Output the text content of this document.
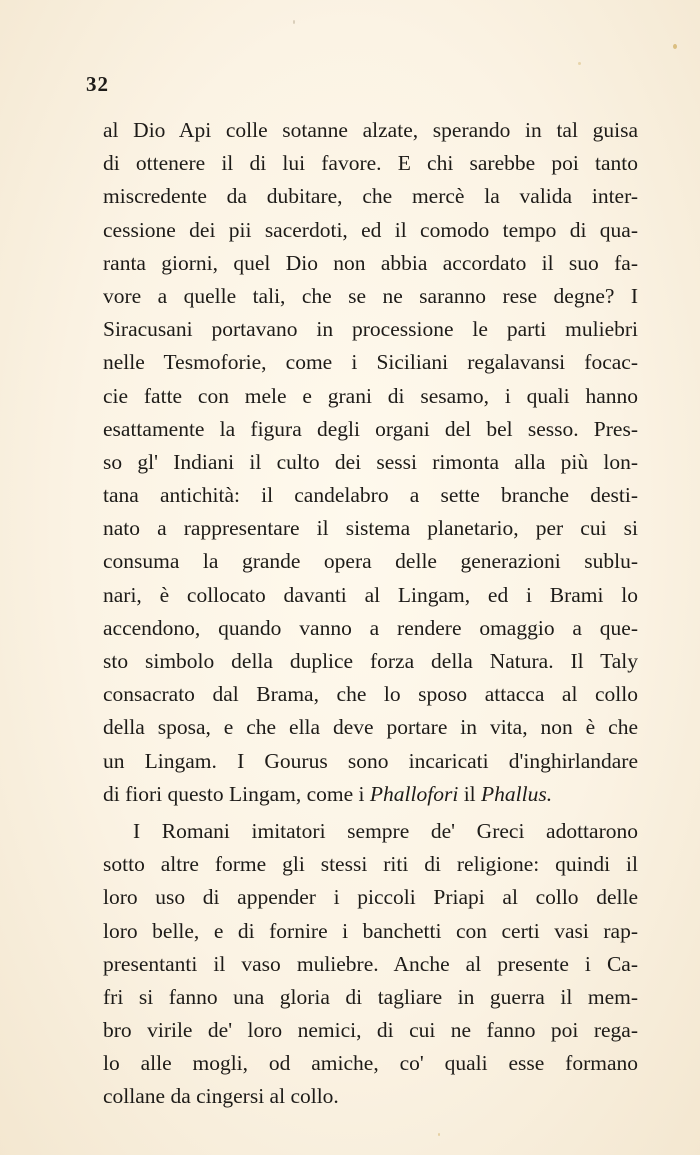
32
al Dio Api colle sotanne alzate, sperando in tal guisa
di ottenere il di lui favore. E chi sarebbe poi tanto
miscredente da dubitare, che mercè la valida inter-
cessione dei pii sacerdoti, ed il comodo tempo di qua-
ranta giorni, quel Dio non abbia accordato il suo fa-
vore a quelle tali, che se ne saranno rese degne? I
Siracusani portavano in processione le parti muliebri
nelle Tesmoforie, come i Siciliani regalavansi focac-
cie fatte con mele e grani di sesamo, i quali hanno
esattamente la figura degli organi del bel sesso. Pres-
so gl' Indiani il culto dei sessi rimonta alla più lon-
tana antichità: il candelabro a sette branche desti-
nato a rappresentare il sistema planetario, per cui si
consuma la grande opera delle generazioni sublu-
nari, è collocato davanti al Lingam, ed i Brami lo
accendono, quando vanno a rendere omaggio a que-
sto simbolo della duplice forza della Natura. Il Taly
consacrato dal Brama, che lo sposo attacca al collo
della sposa, e che ella deve portare in vita, non è che
un Lingam. I Gourus sono incaricati d'inghirlandare
di fiori questo Lingam, come i Phallofori il Phallus.
I Romani imitatori sempre de' Greci adottarono
sotto altre forme gli stessi riti di religione: quindi il
loro uso di appender i piccoli Priapi al collo delle
loro belle, e di fornire i banchetti con certi vasi rap-
presentanti il vaso muliebre. Anche al presente i Ca-
fri si fanno una gloria di tagliare in guerra il mem-
bro virile de' loro nemici, di cui ne fanno poi rega-
lo alle mogli, od amiche, co' quali esse formano
collane da cingersi al collo.
